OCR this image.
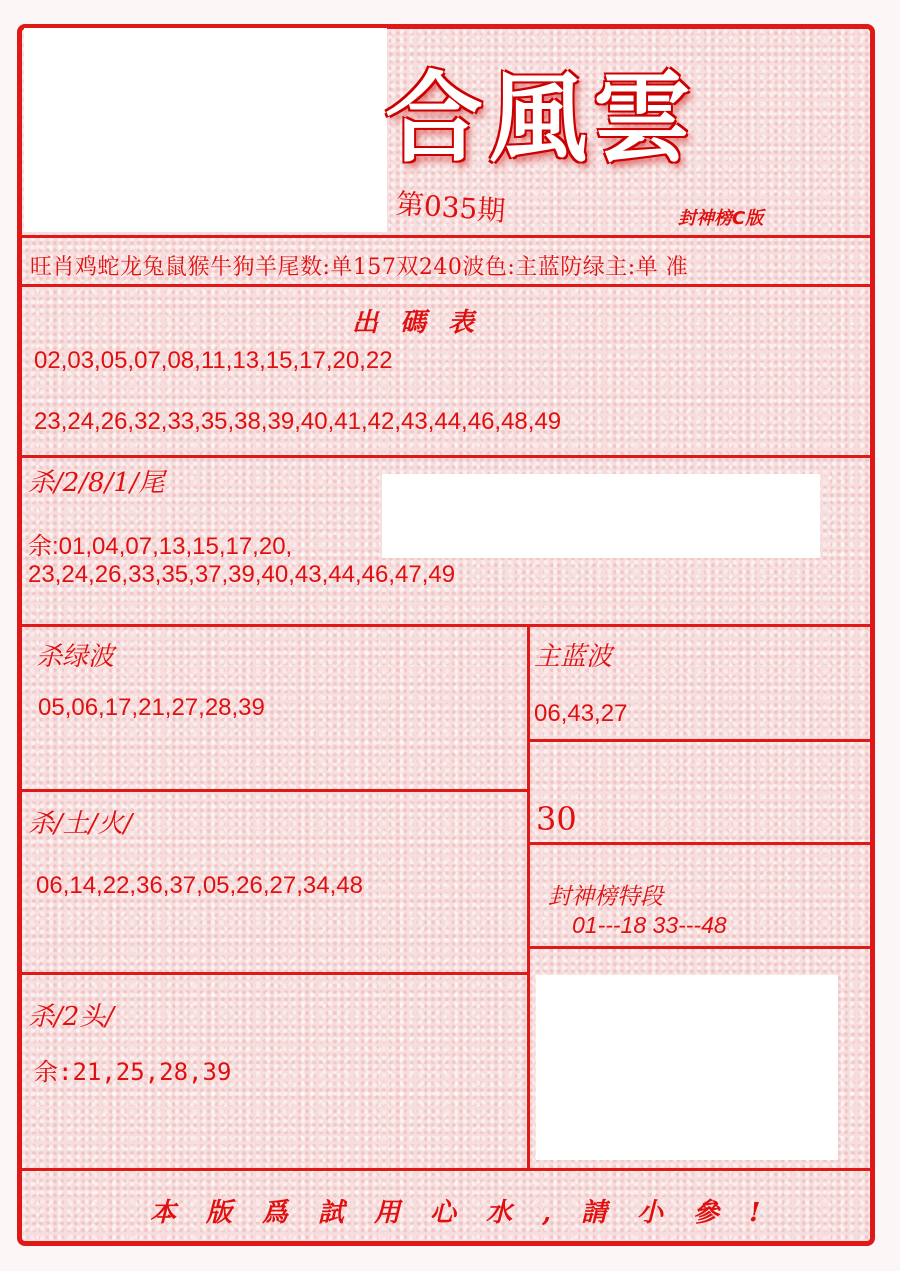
合風雲
第035期	封神榜C版
旺肖鸡蛇龙兔鼠猴牛狗羊尾数:单157双240波色:主蓝防绿主:单 准
出碼表
02,03,05,07,08,11,13,15,17,20,22
23,24,26,32,33,35,38,39,40,41,42,43,44,46,48,49
杀/2/8/1/尾
余:01,04,07,13,15,17,20,
23,24,26,33,35,37,39,40,43,44,46,47,49
杀绿波
05,06,17,21,27,28,39
主蓝波
06,43,27
杀/土/火/
06,14,22,36,37,05,26,27,34,48
30
封神榜特段
01---18 33---48
杀/2头/
余:21,25,28,39
本版爲試用心水,請小參!
